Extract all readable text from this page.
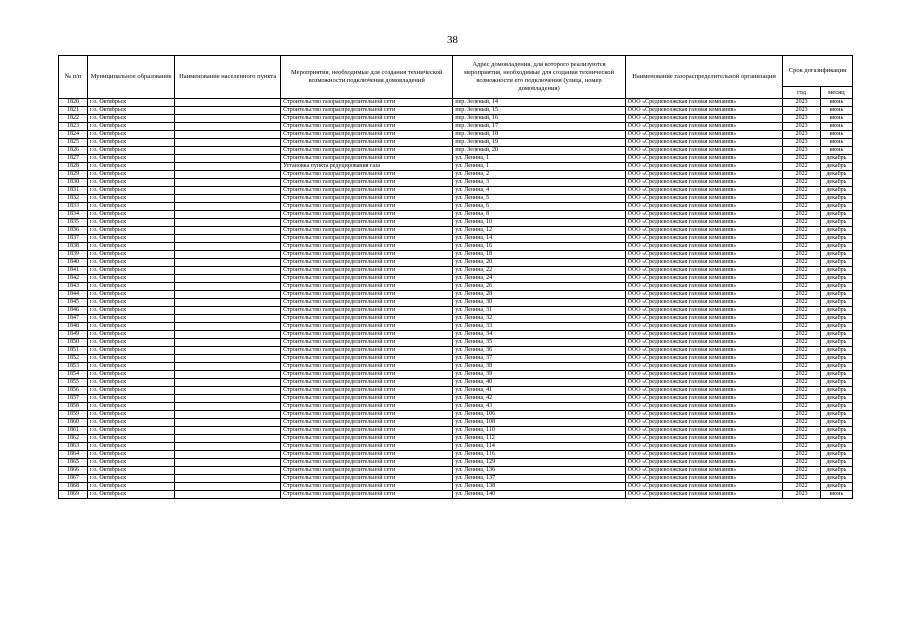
38
№ п/п	Муниципальное образование	Наименование населенного пункта	Мероприятия, необходимые для создания технической возможности подключения домовладений	Адрес домовладения, для которого реализуются мероприятия, необходимые для создания технической возможности его подключения (улица, номер домовладения)	Наименование газораспределительной организации	Срок догазификации	
						год	месяц
1820	г.о. Октябрьск		Строительство газораспределительной сети	пер. Зеленый, 14	ООО «Средневолжская газовая компания»	2023	июнь
1821	г.о. Октябрьск		Строительство газораспределительной сети	пер. Зеленый, 15	ООО «Средневолжская газовая компания»	2023	июнь
1822	г.о. Октябрьск		Строительство газораспределительной сети	пер. Зеленый, 16	ООО «Средневолжская газовая компания»	2023	июнь
1823	г.о. Октябрьск		Строительство газораспределительной сети	пер. Зеленый, 17	ООО «Средневолжская газовая компания»	2023	июнь
1824	г.о. Октябрьск		Строительство газораспределительной сети	пер. Зеленый, 18	ООО «Средневолжская газовая компания»	2023	июнь
1825	г.о. Октябрьск		Строительство газораспределительной сети	пер. Зеленый, 19	ООО «Средневолжская газовая компания»	2023	июнь
1826	г.о. Октябрьск		Строительство газораспределительной сети	пер. Зеленый, 20	ООО «Средневолжская газовая компания»	2023	июнь
1827	г.о. Октябрьск		Строительство газораспределительной сети	ул. Ленина, 1	ООО «Средневолжская газовая компания»	2022	декабрь
1828	г.о. Октябрьск		Установка пункта редуцирования газа	ул. Ленина, 1	ООО «Средневолжская газовая компания»	2022	декабрь
1829	г.о. Октябрьск		Строительство газораспределительной сети	ул. Ленина, 2	ООО «Средневолжская газовая компания»	2022	декабрь
1830	г.о. Октябрьск		Строительство газораспределительной сети	ул. Ленина, 3	ООО «Средневолжская газовая компания»	2022	декабрь
1831	г.о. Октябрьск		Строительство газораспределительной сети	ул. Ленина, 4	ООО «Средневолжская газовая компания»	2022	декабрь
1832	г.о. Октябрьск		Строительство газораспределительной сети	ул. Ленина, 5	ООО «Средневолжская газовая компания»	2022	декабрь
1833	г.о. Октябрьск		Строительство газораспределительной сети	ул. Ленина, 6	ООО «Средневолжская газовая компания»	2022	декабрь
1834	г.о. Октябрьск		Строительство газораспределительной сети	ул. Ленина, 8	ООО «Средневолжская газовая компания»	2022	декабрь
1835	г.о. Октябрьск		Строительство газораспределительной сети	ул. Ленина, 10	ООО «Средневолжская газовая компания»	2022	декабрь
1836	г.о. Октябрьск		Строительство газораспределительной сети	ул. Ленина, 12	ООО «Средневолжская газовая компания»	2022	декабрь
1837	г.о. Октябрьск		Строительство газораспределительной сети	ул. Ленина, 14	ООО «Средневолжская газовая компания»	2022	декабрь
1838	г.о. Октябрьск		Строительство газораспределительной сети	ул. Ленина, 16	ООО «Средневолжская газовая компания»	2022	декабрь
1839	г.о. Октябрьск		Строительство газораспределительной сети	ул. Ленина, 18	ООО «Средневолжская газовая компания»	2022	декабрь
1840	г.о. Октябрьск		Строительство газораспределительной сети	ул. Ленина, 20	ООО «Средневолжская газовая компания»	2022	декабрь
1841	г.о. Октябрьск		Строительство газораспределительной сети	ул. Ленина, 22	ООО «Средневолжская газовая компания»	2022	декабрь
1842	г.о. Октябрьск		Строительство газораспределительной сети	ул. Ленина, 24	ООО «Средневолжская газовая компания»	2022	декабрь
1843	г.о. Октябрьск		Строительство газораспределительной сети	ул. Ленина, 26	ООО «Средневолжская газовая компания»	2022	декабрь
1844	г.о. Октябрьск		Строительство газораспределительной сети	ул. Ленина, 28	ООО «Средневолжская газовая компания»	2022	декабрь
1845	г.о. Октябрьск		Строительство газораспределительной сети	ул. Ленина, 30	ООО «Средневолжская газовая компания»	2022	декабрь
1846	г.о. Октябрьск		Строительство газораспределительной сети	ул. Ленина, 31	ООО «Средневолжская газовая компания»	2022	декабрь
1847	г.о. Октябрьск		Строительство газораспределительной сети	ул. Ленина, 32	ООО «Средневолжская газовая компания»	2022	декабрь
1848	г.о. Октябрьск		Строительство газораспределительной сети	ул. Ленина, 33	ООО «Средневолжская газовая компания»	2022	декабрь
1849	г.о. Октябрьск		Строительство газораспределительной сети	ул. Ленина, 34	ООО «Средневолжская газовая компания»	2022	декабрь
1850	г.о. Октябрьск		Строительство газораспределительной сети	ул. Ленина, 35	ООО «Средневолжская газовая компания»	2022	декабрь
1851	г.о. Октябрьск		Строительство газораспределительной сети	ул. Ленина, 36	ООО «Средневолжская газовая компания»	2022	декабрь
1852	г.о. Октябрьск		Строительство газораспределительной сети	ул. Ленина, 37	ООО «Средневолжская газовая компания»	2022	декабрь
1853	г.о. Октябрьск		Строительство газораспределительной сети	ул. Ленина, 38	ООО «Средневолжская газовая компания»	2022	декабрь
1854	г.о. Октябрьск		Строительство газораспределительной сети	ул. Ленина, 39	ООО «Средневолжская газовая компания»	2022	декабрь
1855	г.о. Октябрьск		Строительство газораспределительной сети	ул. Ленина, 40	ООО «Средневолжская газовая компания»	2022	декабрь
1856	г.о. Октябрьск		Строительство газораспределительной сети	ул. Ленина, 41	ООО «Средневолжская газовая компания»	2022	декабрь
1857	г.о. Октябрьск		Строительство газораспределительной сети	ул. Ленина, 42	ООО «Средневолжская газовая компания»	2022	декабрь
1858	г.о. Октябрьск		Строительство газораспределительной сети	ул. Ленина, 43	ООО «Средневолжская газовая компания»	2022	декабрь
1859	г.о. Октябрьск		Строительство газораспределительной сети	ул. Ленина, 106	ООО «Средневолжская газовая компания»	2022	декабрь
1860	г.о. Октябрьск		Строительство газораспределительной сети	ул. Ленина, 108	ООО «Средневолжская газовая компания»	2022	декабрь
1861	г.о. Октябрьск		Строительство газораспределительной сети	ул. Ленина, 110	ООО «Средневолжская газовая компания»	2022	декабрь
1862	г.о. Октябрьск		Строительство газораспределительной сети	ул. Ленина, 112	ООО «Средневолжская газовая компания»	2022	декабрь
1863	г.о. Октябрьск		Строительство газораспределительной сети	ул. Ленина, 114	ООО «Средневолжская газовая компания»	2022	декабрь
1864	г.о. Октябрьск		Строительство газораспределительной сети	ул. Ленина, 116	ООО «Средневолжская газовая компания»	2022	декабрь
1865	г.о. Октябрьск		Строительство газораспределительной сети	ул. Ленина, 129	ООО «Средневолжская газовая компания»	2022	декабрь
1866	г.о. Октябрьск		Строительство газораспределительной сети	ул. Ленина, 136	ООО «Средневолжская газовая компания»	2022	декабрь
1867	г.о. Октябрьск		Строительство газораспределительной сети	ул. Ленина, 137	ООО «Средневолжская газовая компания»	2022	декабрь
1868	г.о. Октябрьск		Строительство газораспределительной сети	ул. Ленина, 138	ООО «Средневолжская газовая компания»	2022	декабрь
1869	г.о. Октябрьск		Строительство газораспределительной сети	ул. Ленина, 140	ООО «Средневолжская газовая компания»	2023	июнь
